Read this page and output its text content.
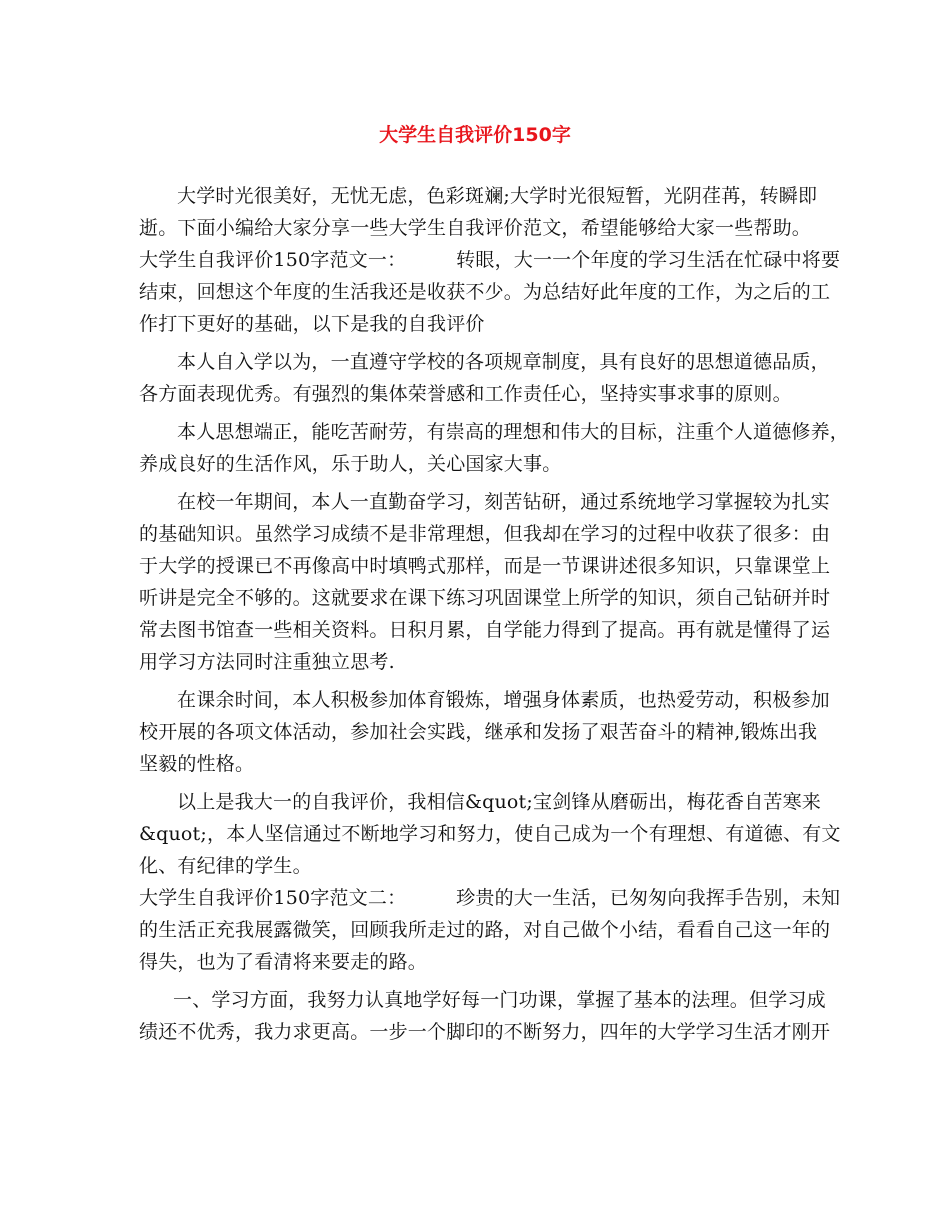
大学生自我评价150字
大学时光很美好，无忧无虑，色彩斑斓;大学时光很短暂，光阴荏苒，转瞬即
逝。下面小编给大家分享一些大学生自我评价范文，希望能够给大家一些帮助。
大学生自我评价150字范文一：        转眼，大一一个年度的学习生活在忙碌中将要
结束，回想这个年度的生活我还是收获不少。为总结好此年度的工作，为之后的工
作打下更好的基础，以下是我的自我评价
本人自入学以为，一直遵守学校的各项规章制度，具有良好的思想道德品质，
各方面表现优秀。有强烈的集体荣誉感和工作责任心，坚持实事求事的原则。
本人思想端正，能吃苦耐劳，有崇高的理想和伟大的目标，注重个人道德修养，
养成良好的生活作风，乐于助人，关心国家大事。
在校一年期间，本人一直勤奋学习，刻苦钻研，通过系统地学习掌握较为扎实
的基础知识。虽然学习成绩不是非常理想，但我却在学习的过程中收获了很多：由
于大学的授课已不再像高中时填鸭式那样，而是一节课讲述很多知识，只靠课堂上
听讲是完全不够的。这就要求在课下练习巩固课堂上所学的知识，须自己钻研并时
常去图书馆查一些相关资料。日积月累，自学能力得到了提高。再有就是懂得了运
用学习方法同时注重独立思考.
在课余时间，本人积极参加体育锻炼，增强身体素质，也热爱劳动，积极参加
校开展的各项文体活动，参加社会实践，继承和发扬了艰苦奋斗的精神,锻炼出我
坚毅的性格。
以上是我大一的自我评价，我相信&quot;宝剑锋从磨砺出，梅花香自苦寒来
&quot;，本人坚信通过不断地学习和努力，使自己成为一个有理想、有道德、有文
化、有纪律的学生。
大学生自我评价150字范文二：        珍贵的大一生活，已匆匆向我挥手告别，未知
的生活正充我展露微笑，回顾我所走过的路，对自己做个小结，看看自己这一年的
得失，也为了看清将来要走的路。
一、学习方面，我努力认真地学好每一门功课，掌握了基本的法理。但学习成
绩还不优秀，我力求更高。一步一个脚印的不断努力，四年的大学学习生活才刚开
